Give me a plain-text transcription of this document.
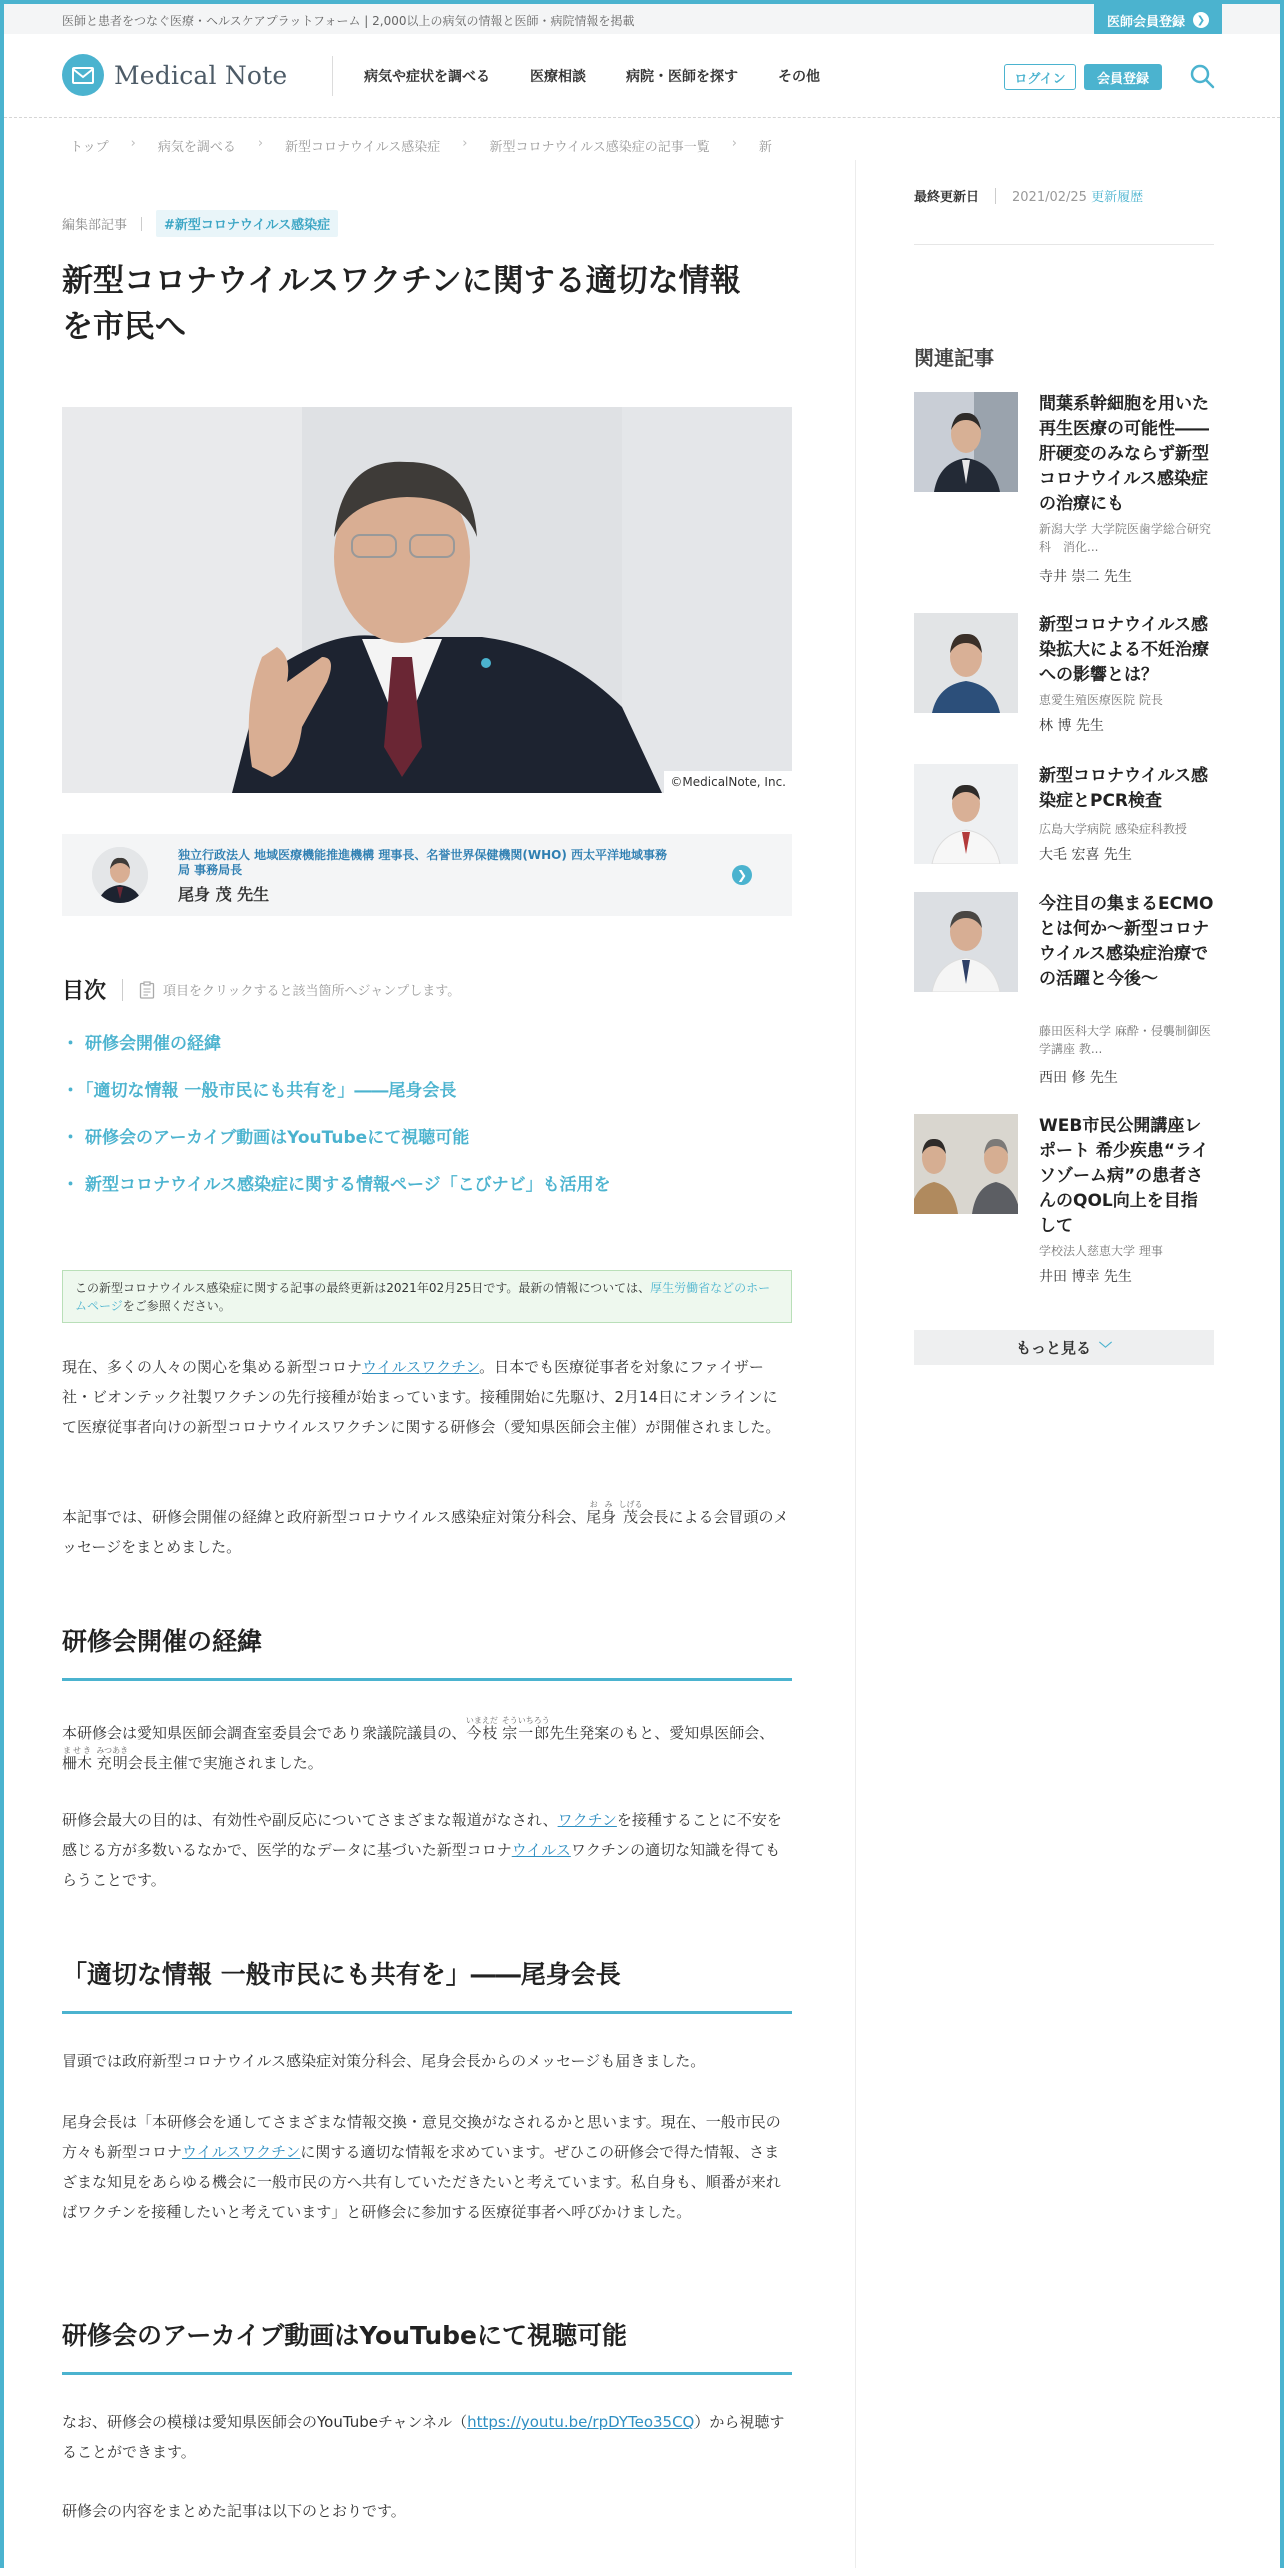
医師と患者をつなぐ医療・ヘルスケアプラットフォーム | 2,000以上の病気の情報と医師・病院情報を掲載	医師会員登録	❯
Medical Note	病気や症状を調べる	医療相談	病院・医師を探す	その他	ログイン	会員登録
トップ › 病気を調べる › 新型コロナウイルス感染症 › 新型コロナウイルス感染症の記事一覧 › 新
編集部記事	#新型コロナウイルス感染症
新型コロナウイルスワクチンに関する適切な情報
を市民へ
©MedicalNote, Inc.
独立行政法人 地域医療機能推進機構 理事長、名誉世界保健機関(WHO) 西太平洋地域事務局 事務局長
尾身 茂 先生
❯
目次	項目をクリックすると該当箇所へジャンプします。
・ 研修会開催の経緯
・ 「適切な情報 一般市民にも共有を」――尾身会長
・ 研修会のアーカイブ動画はYouTubeにて視聴可能
・ 新型コロナウイルス感染症に関する情報ページ「こびナビ」も活用を
この新型コロナウイルス感染症に関する記事の最終更新は2021年02月25日です。最新の情報については、厚生労働省などのホームページをご参照ください。

現在、多くの人々の関心を集める新型コロナウイルスワクチン。日本でも医療従事者を対象にファイザー社・ビオンテック社製ワクチンの先行接種が始まっています。接種開始に先駆け、2月14日にオンラインにて医療従事者向けの新型コロナウイルスワクチンに関する研修会（愛知県医師会主催）が開催されました。

本記事では、研修会開催の経緯と政府新型コロナウイルス感染症対策分科会、尾身おみ 茂しげる会長による会冒頭のメッセージをまとめました。

研修会開催の経緯

本研修会は愛知県医師会調査室委員会であり衆議院議員の、今枝いまえだ 宗一郎そういちろう先生発案のもと、愛知県医師会、柵木ませき 充明みつあき会長主催で実施されました。

研修会最大の目的は、有効性や副反応についてさまざまな報道がなされ、ワクチンを接種することに不安を感じる方が多数いるなかで、医学的なデータに基づいた新型コロナウイルスワクチンの適切な知識を得てもらうことです。

「適切な情報 一般市民にも共有を」――尾身会長

冒頭では政府新型コロナウイルス感染症対策分科会、尾身会長からのメッセージも届きました。

尾身会長は「本研修会を通してさまざまな情報交換・意見交換がなされるかと思います。現在、一般市民の方々も新型コロナウイルスワクチンに関する適切な情報を求めています。ぜひこの研修会で得た情報、さまざまな知見をあらゆる機会に一般市民の方へ共有していただきたいと考えています。私自身も、順番が来ればワクチンを接種したいと考えています」と研修会に参加する医療従事者へ呼びかけました。

研修会のアーカイブ動画はYouTubeにて視聴可能

なお、研修会の模様は愛知県医師会のYouTubeチャンネル（https://youtu.be/rpDYTeo35CQ）から視聴することができます。

研修会の内容をまとめた記事は以下のとおりです。

最終更新日	2021/02/25 更新履歴
関連記事
間葉系幹細胞を用いた再生医療の可能性――肝硬変のみならず新型コロナウイルス感染症の治療にも
新潟大学 大学院医歯学総合研究科　消化...
寺井 崇二 先生
新型コロナウイルス感染拡大による不妊治療への影響とは？
恵愛生殖医療医院 院長
林 博 先生
新型コロナウイルス感染症とPCR検査
広島大学病院 感染症科教授
大毛 宏喜 先生
今注目の集まるECMOとは何か〜新型コロナウイルス感染症治療での活躍と今後〜
藤田医科大学 麻酔・侵襲制御医学講座 教...
西田 修 先生
WEB市民公開講座レポート 希少疾患“ライソゾーム病”の患者さんのQOL向上を目指して
学校法人慈恵大学 理事
井田 博幸 先生
もっと見る ﹀
